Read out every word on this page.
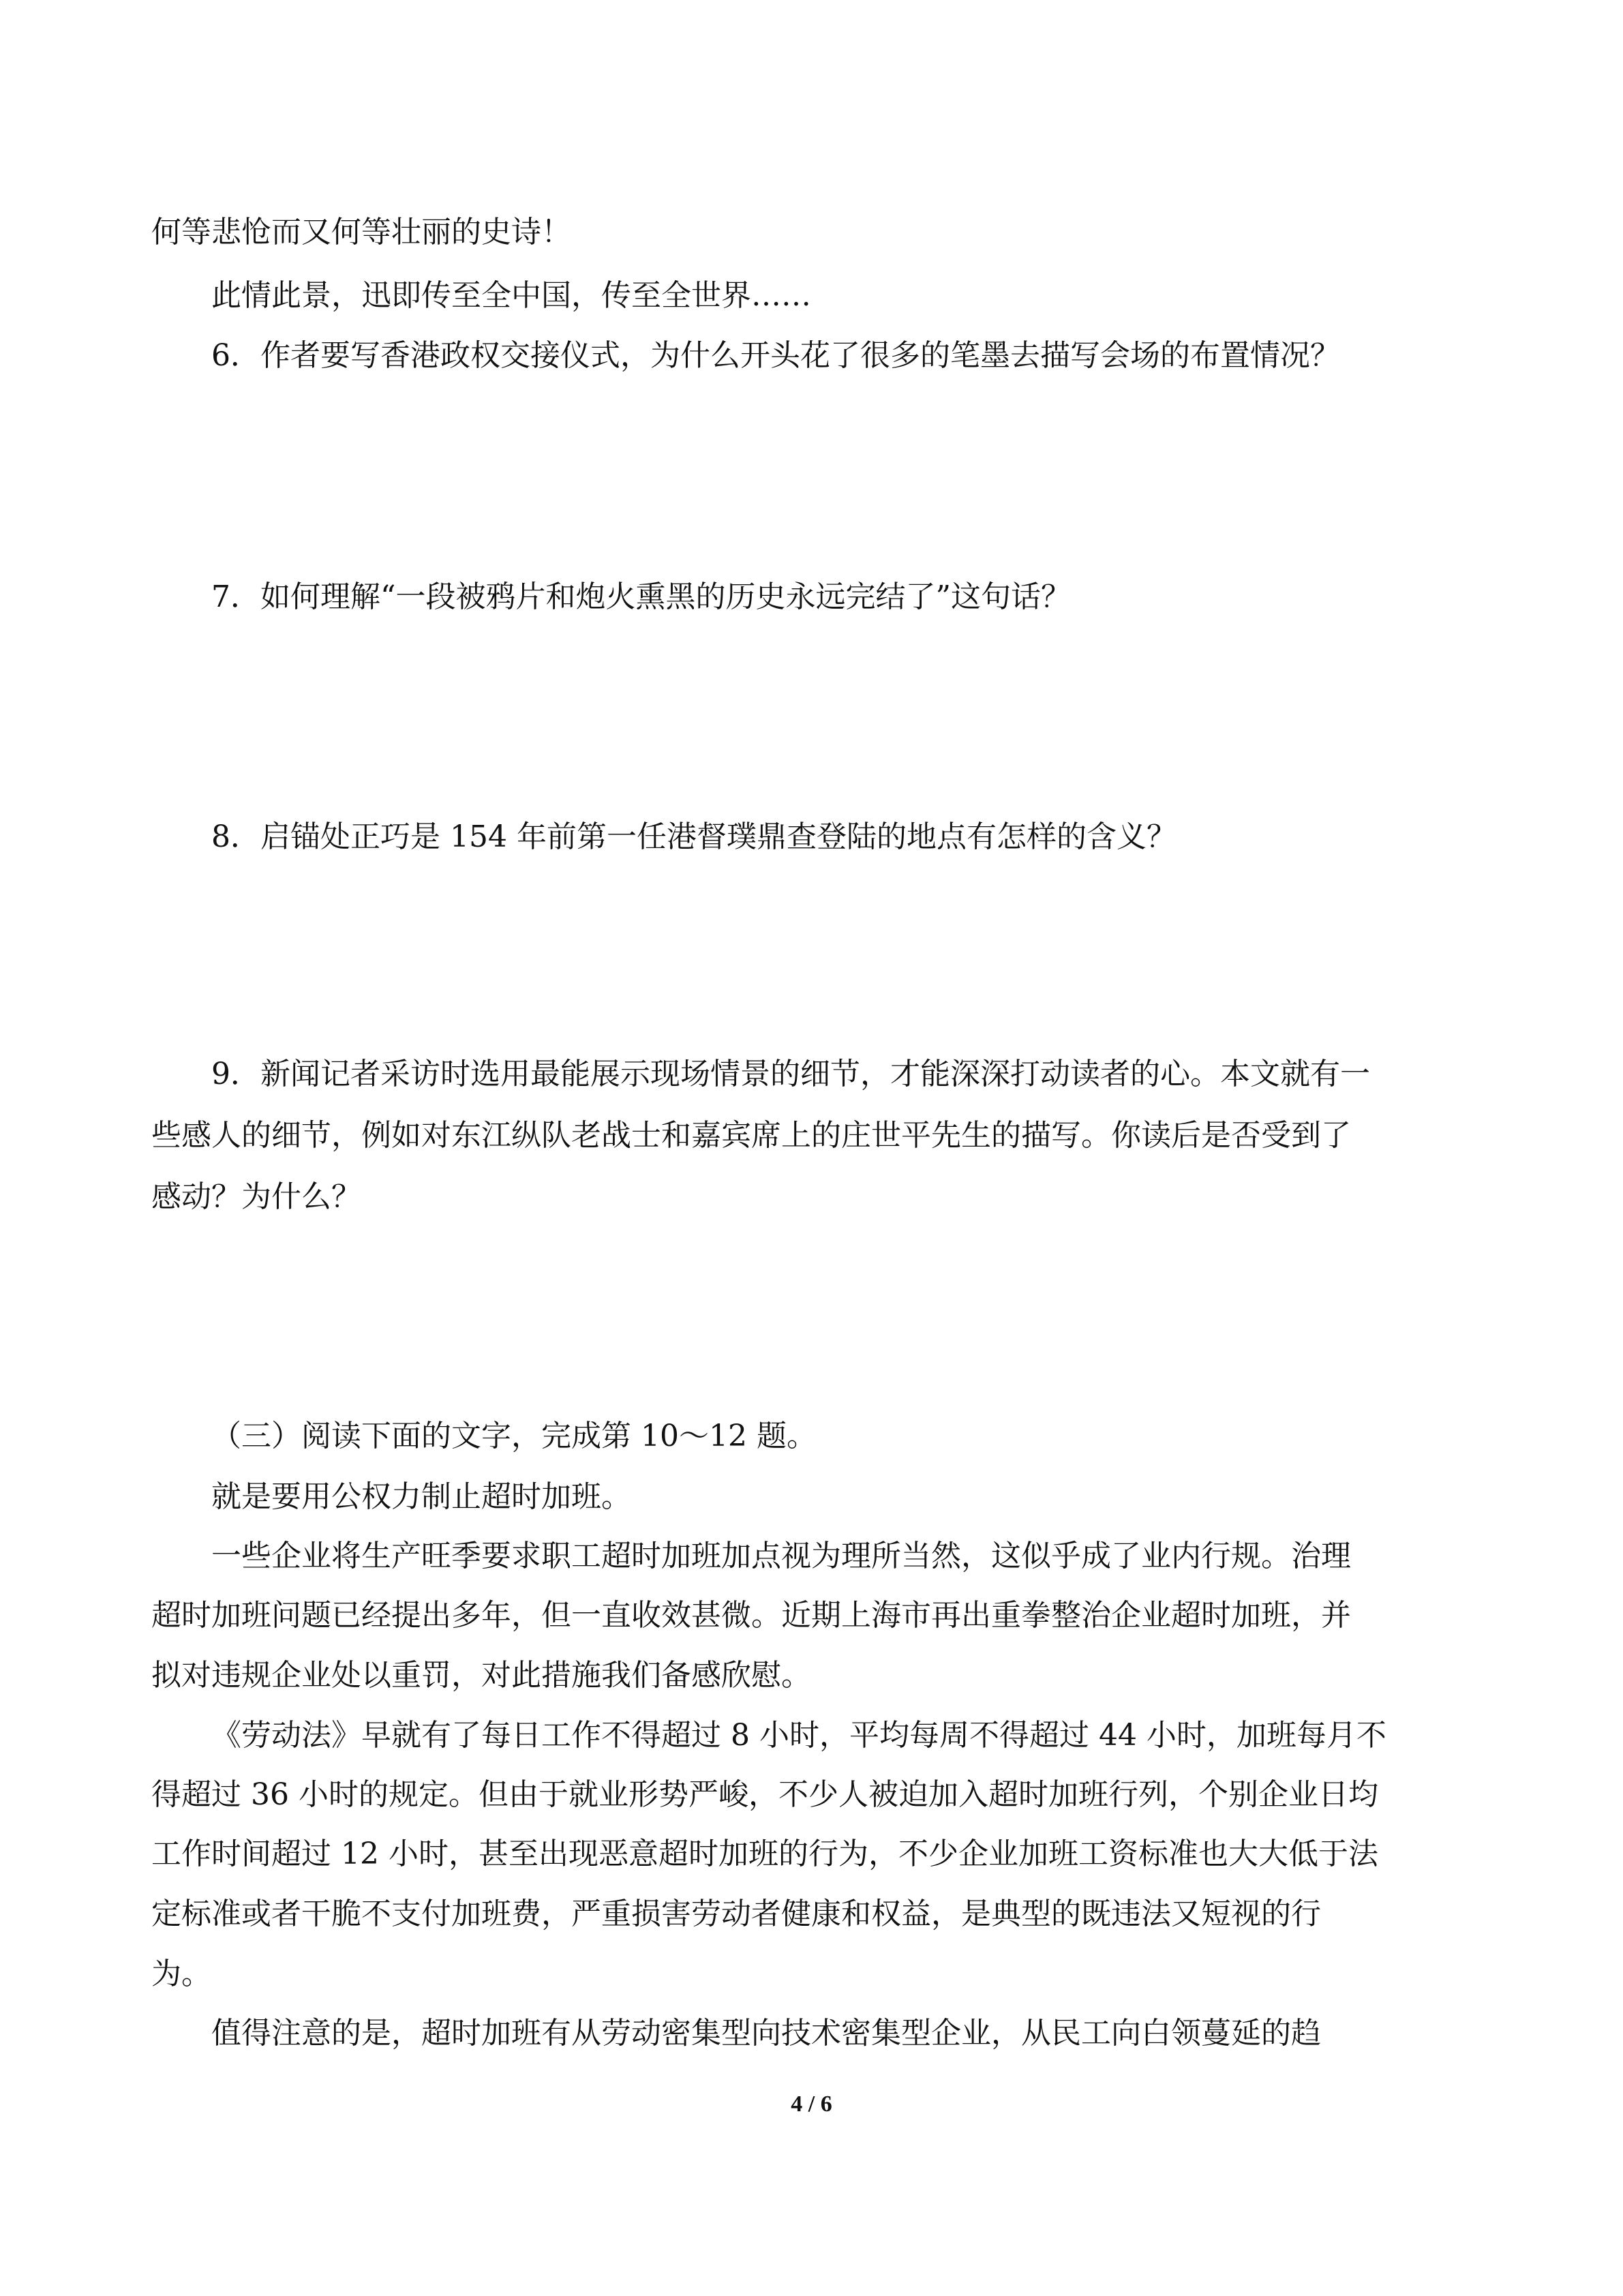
何等悲怆而又何等壮丽的史诗！

此情此景，迅即传至全中国，传至全世界……

6．作者要写香港政权交接仪式，为什么开头花了很多的笔墨去描写会场的布置情况？

7．如何理解“一段被鸦片和炮火熏黑的历史永远完结了”这句话？

8．启锚处正巧是 154 年前第一任港督璞鼎查登陆的地点有怎样的含义？

9．新闻记者采访时选用最能展示现场情景的细节，才能深深打动读者的心。本文就有一

些感人的细节，例如对东江纵队老战士和嘉宾席上的庄世平先生的描写。你读后是否受到了

感动？为什么？

（三）阅读下面的文字，完成第 10～12 题。

就是要用公权力制止超时加班。

一些企业将生产旺季要求职工超时加班加点视为理所当然，这似乎成了业内行规。治理

超时加班问题已经提出多年，但一直收效甚微。近期上海市再出重拳整治企业超时加班，并

拟对违规企业处以重罚，对此措施我们备感欣慰。

《劳动法》早就有了每日工作不得超过 8 小时，平均每周不得超过 44 小时，加班每月不

得超过 36 小时的规定。但由于就业形势严峻，不少人被迫加入超时加班行列，个别企业日均

工作时间超过 12 小时，甚至出现恶意超时加班的行为，不少企业加班工资标准也大大低于法

定标准或者干脆不支付加班费，严重损害劳动者健康和权益，是典型的既违法又短视的行

为。

值得注意的是，超时加班有从劳动密集型向技术密集型企业，从民工向白领蔓延的趋

4 / 6
